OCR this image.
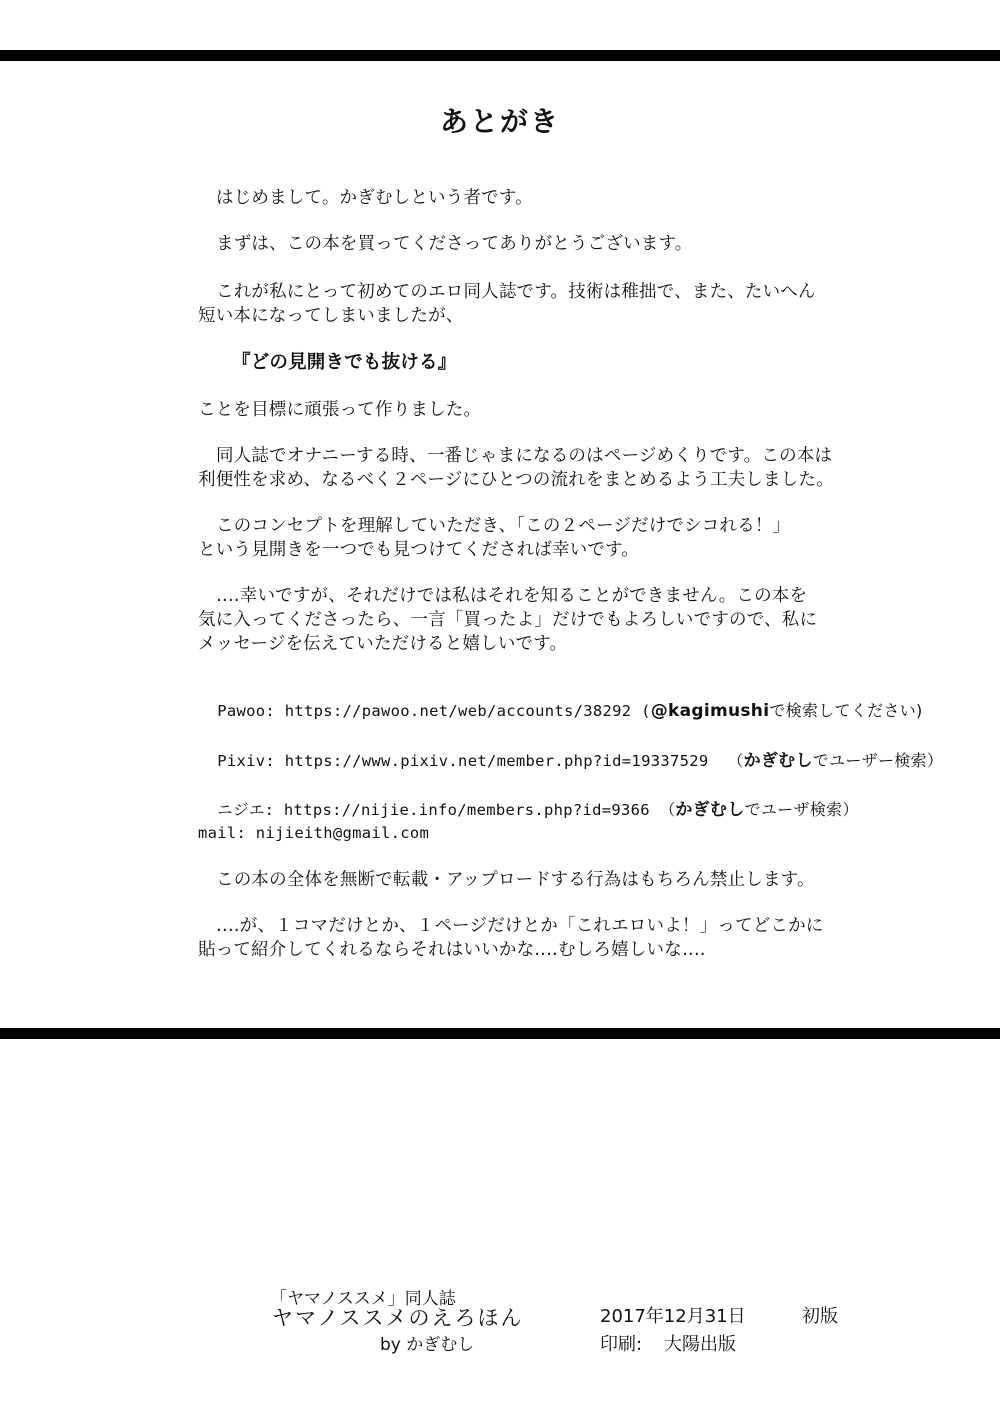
あとがき
はじめまして。かぎむしという者です。
まずは、この本を買ってくださってありがとうございます。
これが私にとって初めてのエロ同人誌です。技術は稚拙で、また、たいへん
短い本になってしまいましたが、
『どの見開きでも抜ける』
ことを目標に頑張って作りました。
同人誌でオナニーする時、一番じゃまになるのはページめくりです。この本は
利便性を求め、なるべく２ページにひとつの流れをまとめるよう工夫しました。
このコンセプトを理解していただき、「この２ページだけでシコれる！」
という見開きを一つでも見つけてくだされば幸いです。
‥‥幸いですが、それだけでは私はそれを知ることができません。この本を
気に入ってくださったら、一言「買ったよ」だけでもよろしいですので、私に
メッセージを伝えていただけると嬉しいです。

Pawoo: https://pawoo.net/web/accounts/38292 (@kagimushiで検索してください)

Pixiv: https://www.pixiv.net/member.php?id=19337529  （かぎむしでユーザー検索）

ニジエ: https://nijie.info/members.php?id=9366 （かぎむしでユーザ検索）

mail: nijieith@gmail.com
この本の全体を無断で転載・アップロードする行為はもちろん禁止します。
‥‥が、１コマだけとか、１ページだけとか「これエロいよ！」ってどこかに
貼って紹介してくれるならそれはいいかな‥‥むしろ嬉しいな‥‥
「ヤマノススメ」同人誌
ヤマノススメのえろほん
by かぎむし
2017年12月31日	初版
印刷: 大陽出版
